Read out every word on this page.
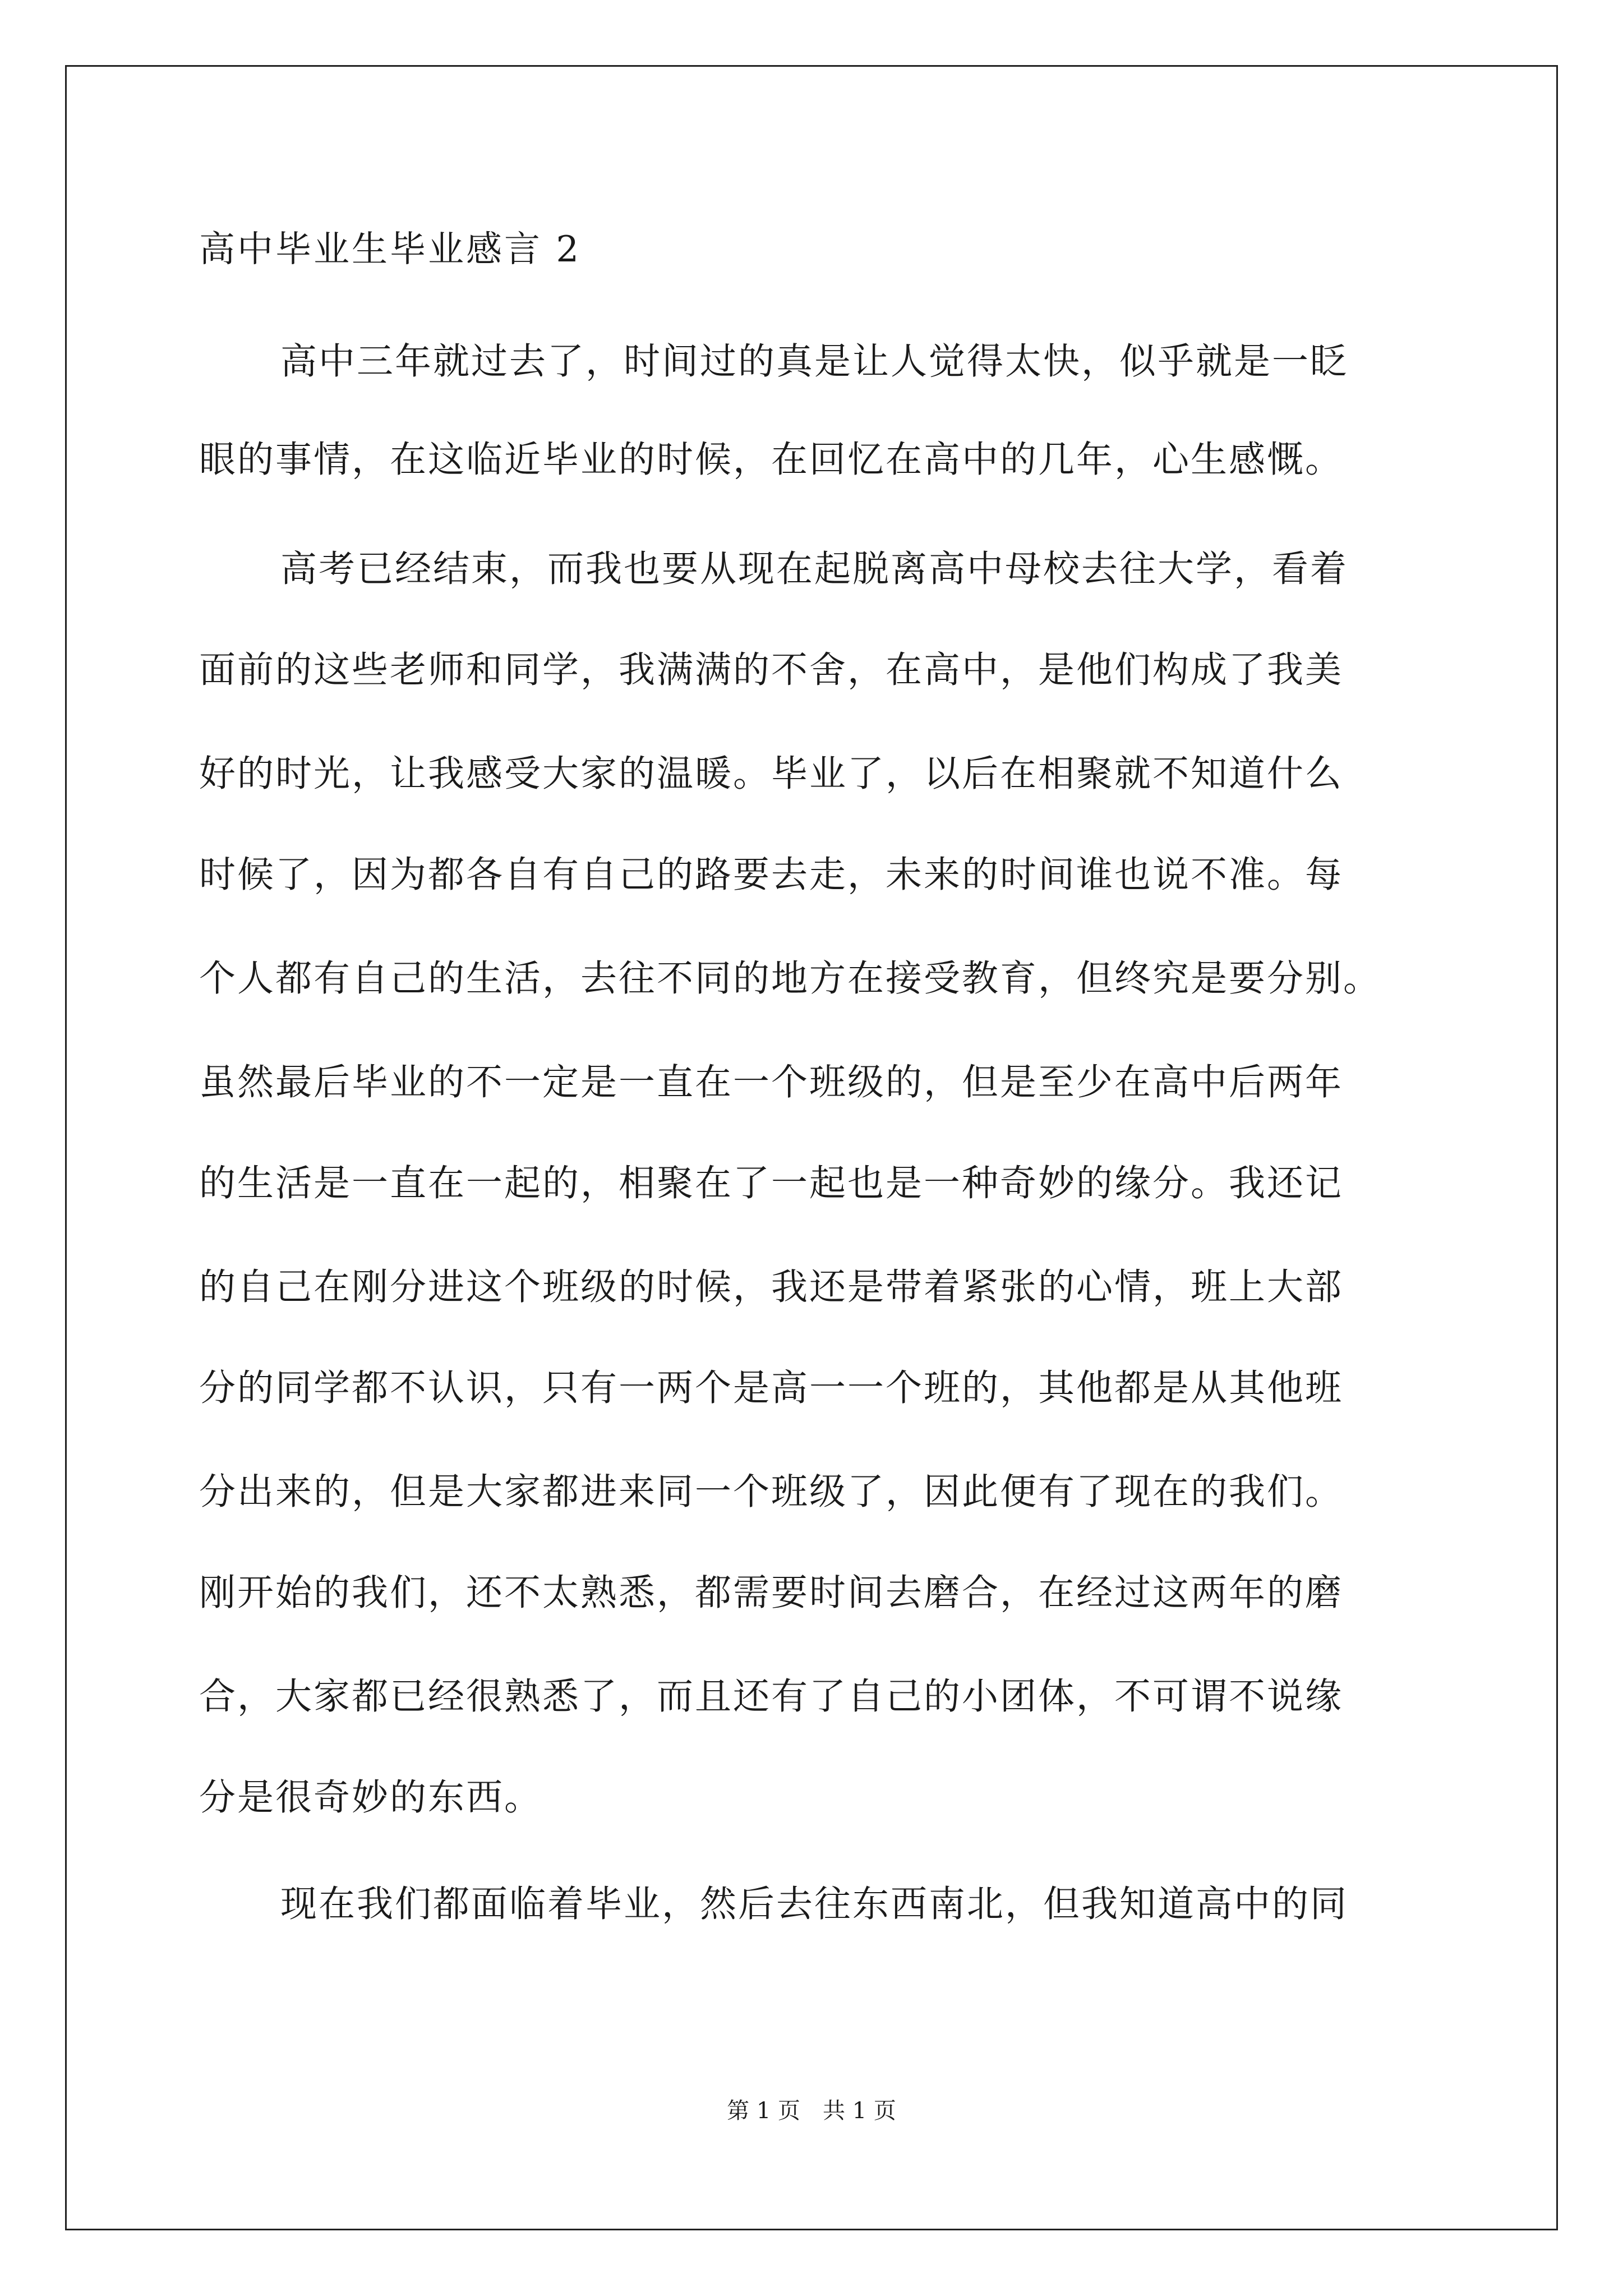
高中毕业生毕业感言 2
高中三年就过去了，时间过的真是让人觉得太快，似乎就是一眨
眼的事情，在这临近毕业的时候，在回忆在高中的几年，心生感慨。
高考已经结束，而我也要从现在起脱离高中母校去往大学，看着
面前的这些老师和同学，我满满的不舍，在高中，是他们构成了我美
好的时光，让我感受大家的温暖。毕业了，以后在相聚就不知道什么
时候了，因为都各自有自己的路要去走，未来的时间谁也说不准。每
个人都有自己的生活，去往不同的地方在接受教育，但终究是要分别。
虽然最后毕业的不一定是一直在一个班级的，但是至少在高中后两年
的生活是一直在一起的，相聚在了一起也是一种奇妙的缘分。我还记
的自己在刚分进这个班级的时候，我还是带着紧张的心情，班上大部
分的同学都不认识，只有一两个是高一一个班的，其他都是从其他班
分出来的，但是大家都进来同一个班级了，因此便有了现在的我们。
刚开始的我们，还不太熟悉，都需要时间去磨合，在经过这两年的磨
合，大家都已经很熟悉了，而且还有了自己的小团体，不可谓不说缘
分是很奇妙的东西。
现在我们都面临着毕业，然后去往东西南北，但我知道高中的同
第 1 页　共 1 页
